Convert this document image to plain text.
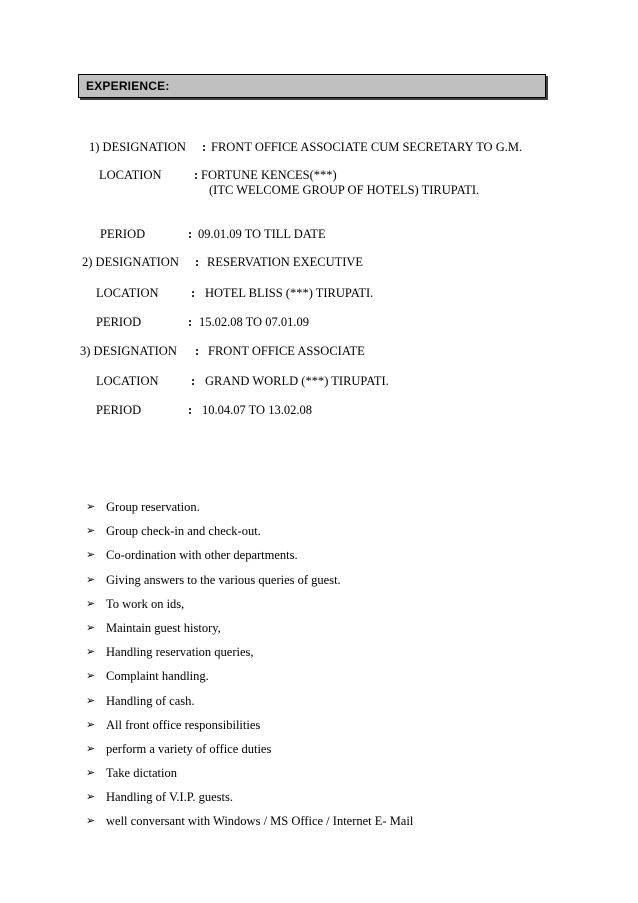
EXPERIENCE:
1) DESIGNATION : FRONT OFFICE ASSOCIATE CUM SECRETARY TO G.M.
LOCATION	: FORTUNE KENCES(***)
(ITC WELCOME GROUP OF HOTELS) TIRUPATI.
PERIOD	: 09.01.09 TO TILL DATE
2) DESIGNATION : RESERVATION EXECUTIVE
LOCATION	: HOTEL BLISS (***) TIRUPATI.
PERIOD	: 15.02.08 TO 07.01.09
3) DESIGNATION : FRONT OFFICE ASSOCIATE
LOCATION	: GRAND WORLD (***) TIRUPATI.
PERIOD	: 10.04.07 TO 13.02.08
➢ Group reservation.
➢ Group check-in and check-out.
➢ Co-ordination with other departments.
➢ Giving answers to the various queries of guest.
➢ To work on ids,
➢ Maintain guest history,
➢ Handling reservation queries,
➢ Complaint handling.
➢ Handling of cash.
➢ All front office responsibilities
➢ perform a variety of office duties
➢ Take dictation
➢ Handling of V.I.P. guests.
➢ well conversant with Windows / MS Office / Internet E- Mail
